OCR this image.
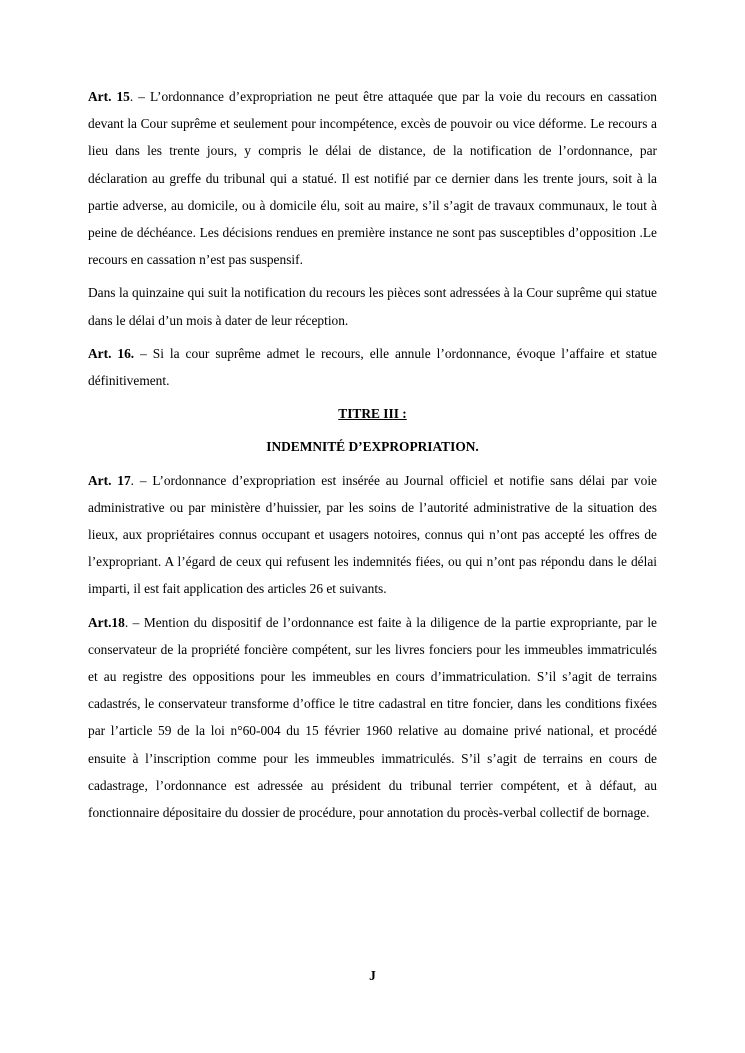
Art. 15. – L’ordonnance d’expropriation ne peut être attaquée que par la voie du recours en cassation devant la Cour suprême et seulement pour incompétence, excès de pouvoir ou vice déforme. Le recours a lieu dans les trente jours, y compris le délai de distance, de la notification de l’ordonnance, par déclaration au greffe du tribunal qui a statué. Il est notifié par ce dernier dans les trente jours, soit à la partie adverse, au domicile, ou à domicile élu, soit au maire, s’il s’agit de travaux communaux, le tout à peine de déchéance. Les décisions rendues en première instance ne sont pas susceptibles d’opposition .Le recours en cassation n’est pas suspensif.

Dans la quinzaine qui suit la notification du recours les pièces sont adressées à la Cour suprême qui statue dans le délai d’un mois à dater de leur réception.

Art. 16. – Si la cour suprême admet le recours, elle annule l’ordonnance, évoque l’affaire et statue définitivement.

TITRE III :

INDEMNITÉ D’EXPROPRIATION.

Art. 17. – L’ordonnance d’expropriation est insérée au Journal officiel et notifie sans délai par voie administrative ou par ministère d’huissier, par les soins de l’autorité administrative de la situation des lieux, aux propriétaires connus occupant et usagers notoires, connus qui n’ont pas accepté les offres de l’expropriant. A l’égard de ceux qui refusent les indemnités fiées, ou qui n’ont pas répondu dans le délai imparti, il est fait application des articles 26 et suivants.

Art.18. – Mention du dispositif de l’ordonnance est faite à la diligence de la partie expropriante, par le conservateur de la propriété foncière compétent, sur les livres fonciers pour les immeubles immatriculés et au registre des oppositions pour les immeubles en cours d’immatriculation. S’il s’agit de terrains cadastrés, le conservateur transforme d’office le titre cadastral en titre foncier, dans les conditions fixées par l’article 59 de la loi n°60-004 du 15 février 1960 relative au domaine privé national, et procédé ensuite à l’inscription comme pour les immeubles immatriculés. S’il s’agit de terrains en cours de cadastrage, l’ordonnance est adressée au président du tribunal terrier compétent, et à défaut, au fonctionnaire dépositaire du dossier de procédure, pour annotation du procès-verbal collectif de bornage.

J
